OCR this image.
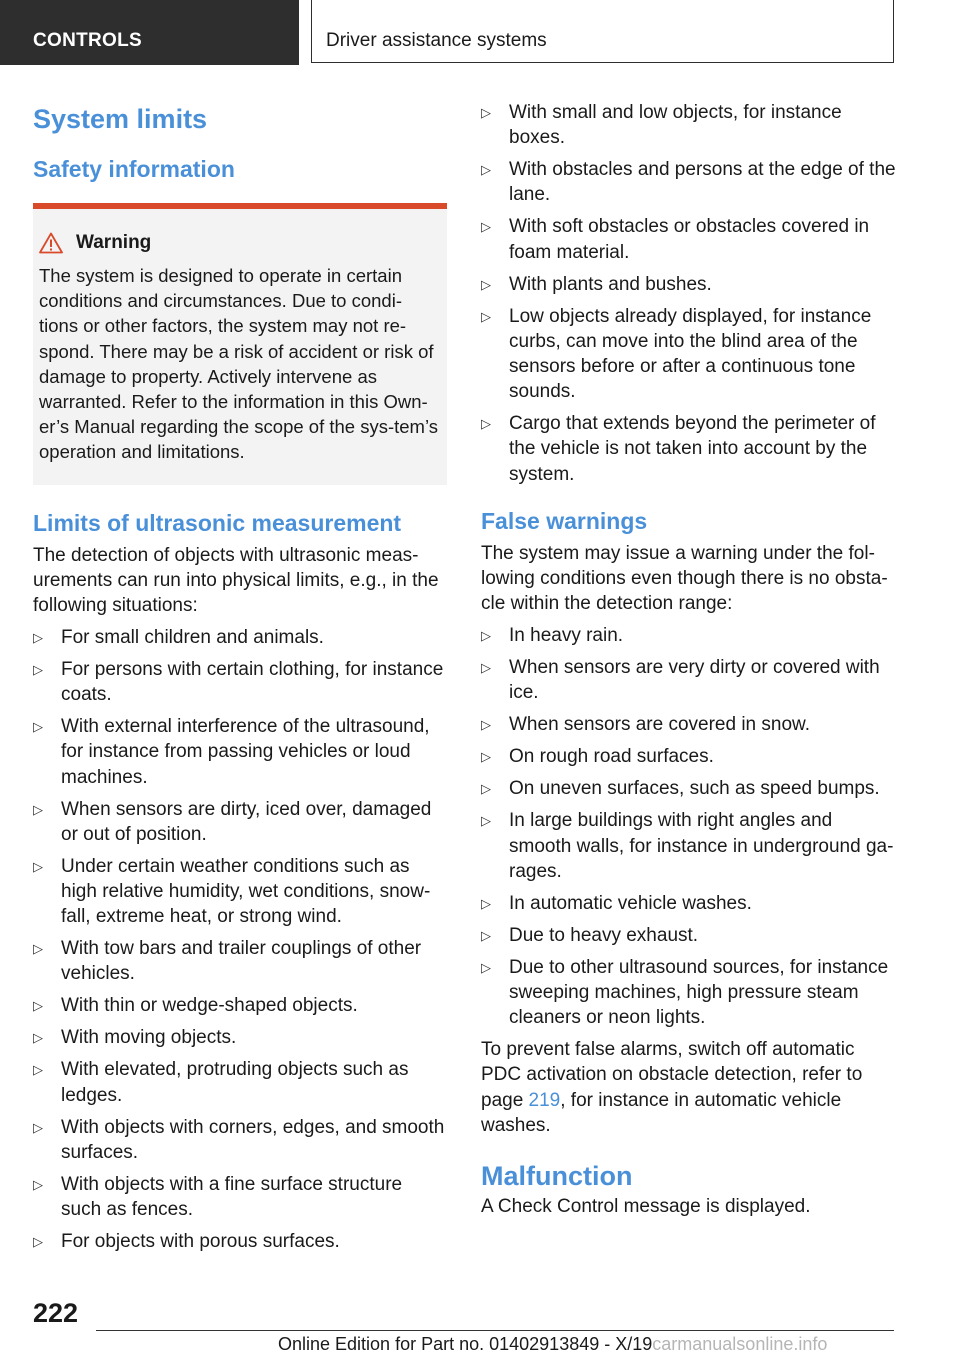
CONTROLS	Driver assistance systems
System limits
Safety information
Warning

The system is designed to operate in certain conditions and circumstances. Due to condi-tions or other factors, the system may not re-spond. There may be a risk of accident or risk of damage to property. Actively intervene as warranted. Refer to the information in this Own-er’s Manual regarding the scope of the sys-tem’s operation and limitations.

Limits of ultrasonic measurement

The detection of objects with ultrasonic meas-urements can run into physical limits, e.g., in the following situations:

▷ For small children and animals.
▷ For persons with certain clothing, for instance coats.
▷ With external interference of the ultrasound, for instance from passing vehicles or loud machines.
▷ When sensors are dirty, iced over, damaged or out of position.
▷ Under certain weather conditions such as high relative humidity, wet conditions, snow-fall, extreme heat, or strong wind.
▷ With tow bars and trailer couplings of other vehicles.
▷ With thin or wedge-shaped objects.
▷ With moving objects.
▷ With elevated, protruding objects such as ledges.
▷ With objects with corners, edges, and smooth surfaces.
▷ With objects with a fine surface structure such as fences.
▷ For objects with porous surfaces.
▷ With small and low objects, for instance boxes.
▷ With obstacles and persons at the edge of the lane.
▷ With soft obstacles or obstacles covered in foam material.
▷ With plants and bushes.
▷ Low objects already displayed, for instance curbs, can move into the blind area of the sensors before or after a continuous tone sounds.
▷ Cargo that extends beyond the perimeter of the vehicle is not taken into account by the system.
False warnings

The system may issue a warning under the fol-lowing conditions even though there is no obsta-cle within the detection range:

▷ In heavy rain.
▷ When sensors are very dirty or covered with ice.
▷ When sensors are covered in snow.
▷ On rough road surfaces.
▷ On uneven surfaces, such as speed bumps.
▷ In large buildings with right angles and smooth walls, for instance in underground ga-rages.
▷ In automatic vehicle washes.
▷ Due to heavy exhaust.
▷ Due to other ultrasound sources, for instance sweeping machines, high pressure steam cleaners or neon lights.

To prevent false alarms, switch off automatic PDC activation on obstacle detection, refer to page 219, for instance in automatic vehicle washes.

Malfunction

A Check Control message is displayed.

222
Online Edition for Part no. 01402913849 - X/19carmanualsonline.info
